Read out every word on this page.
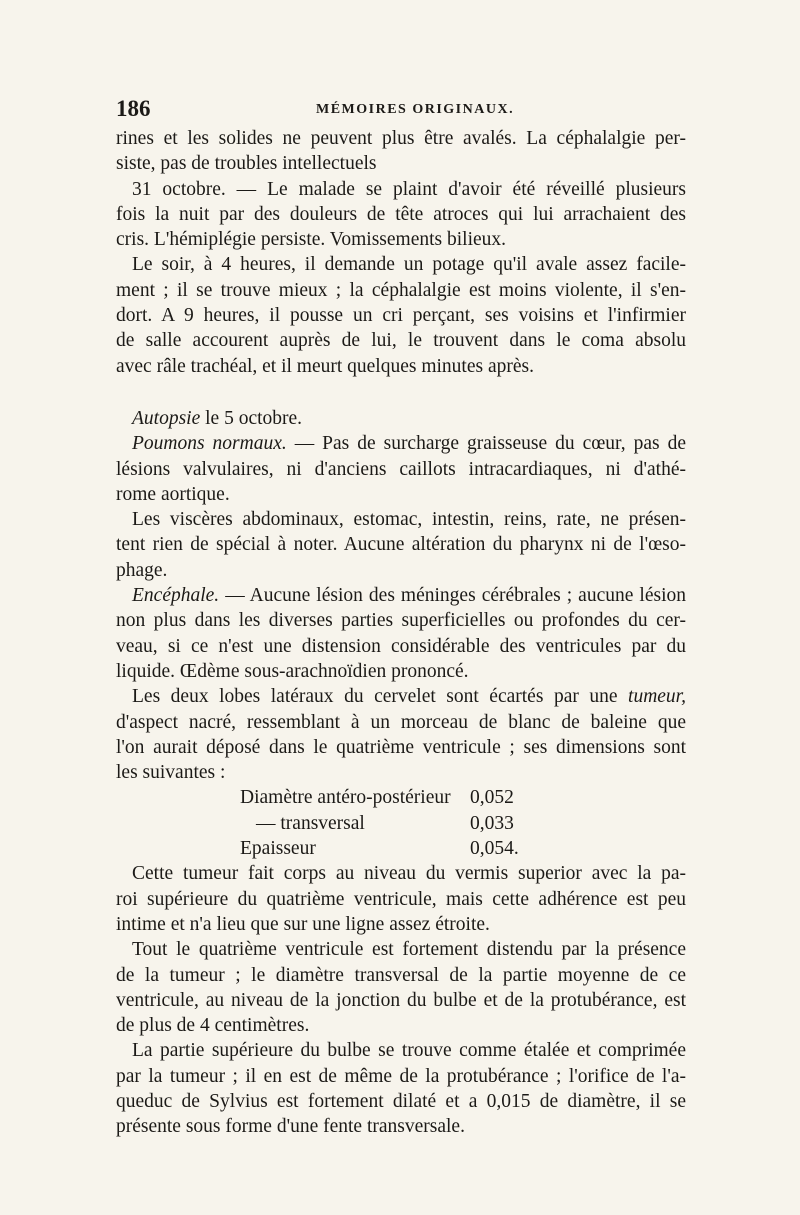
186	MÉMOIRES ORIGINAUX.
rines et les solides ne peuvent plus être avalés. La céphalalgie per-
siste, pas de troubles intellectuels
31 octobre. — Le malade se plaint d'avoir été réveillé plusieurs
fois la nuit par des douleurs de tête atroces qui lui arrachaient des
cris. L'hémiplégie persiste. Vomissements bilieux.
Le soir, à 4 heures, il demande un potage qu'il avale assez facile-
ment ; il se trouve mieux ; la céphalalgie est moins violente, il s'en-
dort. A 9 heures, il pousse un cri perçant, ses voisins et l'infirmier
de salle accourent auprès de lui, le trouvent dans le coma absolu
avec râle trachéal, et il meurt quelques minutes après.
Autopsie le 5 octobre.
Poumons normaux. — Pas de surcharge graisseuse du cœur, pas de
lésions valvulaires, ni d'anciens caillots intracardiaques, ni d'athé-
rome aortique.
Les viscères abdominaux, estomac, intestin, reins, rate, ne présen-
tent rien de spécial à noter. Aucune altération du pharynx ni de l'œso-
phage.
Encéphale. — Aucune lésion des méninges cérébrales ; aucune lésion
non plus dans les diverses parties superficielles ou profondes du cer-
veau, si ce n'est une distension considérable des ventricules par du
liquide. Œdème sous-arachnoïdien prononcé.
Les deux lobes latéraux du cervelet sont écartés par une tumeur,
d'aspect nacré, ressemblant à un morceau de blanc de baleine que
l'on aurait déposé dans le quatrième ventricule ; ses dimensions sont
les suivantes :
Diamètre antéro-postérieur 0,052
— transversal	0,033
Epaisseur	0,054.
Cette tumeur fait corps au niveau du vermis superior avec la pa-
roi supérieure du quatrième ventricule, mais cette adhérence est peu
intime et n'a lieu que sur une ligne assez étroite.
Tout le quatrième ventricule est fortement distendu par la présence
de la tumeur ; le diamètre transversal de la partie moyenne de ce
ventricule, au niveau de la jonction du bulbe et de la protubérance, est
de plus de 4 centimètres.
La partie supérieure du bulbe se trouve comme étalée et comprimée
par la tumeur ; il en est de même de la protubérance ; l'orifice de l'a-
queduc de Sylvius est fortement dilaté et a 0,015 de diamètre, il se
présente sous forme d'une fente transversale.
